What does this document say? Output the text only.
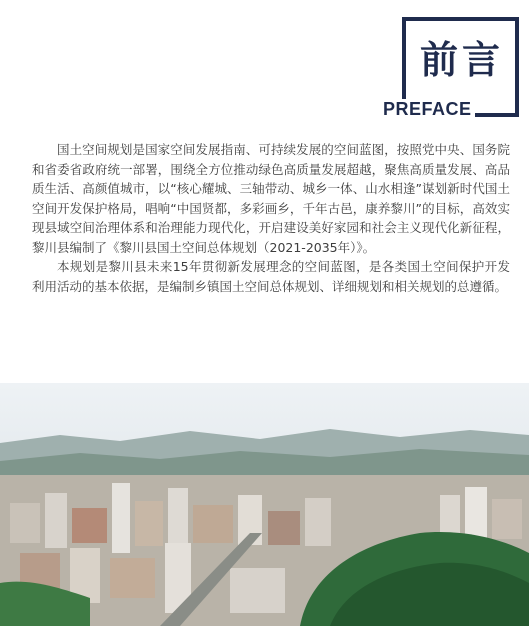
前言
PREFACE

国土空间规划是国家空间发展指南、可持续发展的空间蓝图，按照党中央、国务院和省委省政府统一部署，围绕全方位推动绿色高质量发展超越，聚焦高质量发展、高品质生活、高颜值城市，以“核心耀城、三轴带动、城乡一体、山水相逢”谋划新时代国土空间开发保护格局，唱响“中国贤都，多彩画乡，千年古邑，康养黎川”的目标，高效实现县域空间治理体系和治理能力现代化，开启建设美好家园和社会主义现代化新征程，黎川县编制了《黎川县国土空间总体规划（2021-2035年）》。

本规划是黎川县未来15年贯彻新发展理念的空间蓝图，是各类国土空间保护开发利用活动的基本依据，是编制乡镇国土空间总体规划、详细规划和相关规划的总遵循。
